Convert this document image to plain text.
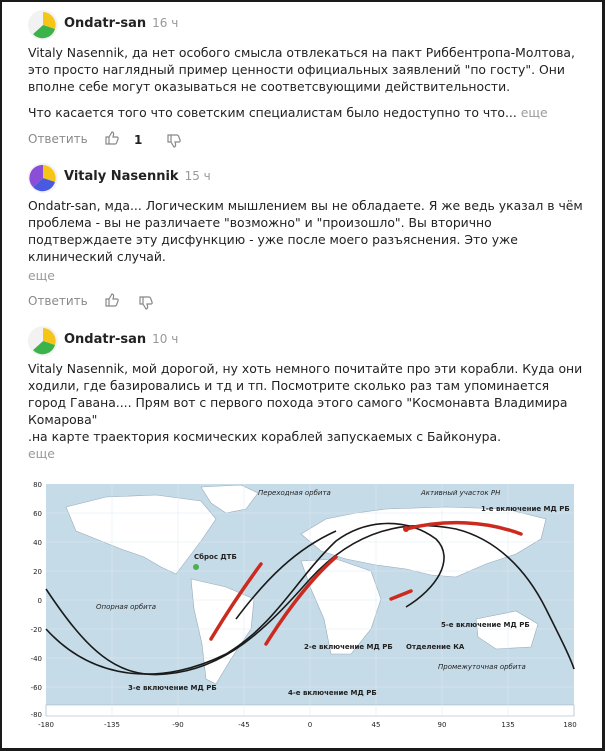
Ondatr-san 16 ч

Vitaly Nasennik, да нет особого смысла отвлекаться на пакт Риббентропа-Молтова, это просто наглядный пример ценности официальных заявлений "по госту". Они вполне себе могут оказываться не соответсвующими действительности.

Что касается того что советским специалистам было недоступно то что... еще

Ответить	1
Vitaly Nasennik 15 ч

Ondatr-san, мда... Логическим мышлением вы не обладаете. Я же ведь указал в чём проблема - вы не различаете "возможно" и "произошло". Вы вторично подтверждаете эту дисфункцию - уже после моего разъяснения. Это уже клинический случай.

еще

Ответить
Ondatr-san 10 ч

Vitaly Nasennik, мой дорогой, ну хоть немного почитайте про эти корабли. Куда они ходили, где базировались и тд и тп. Посмотрите сколько раз там упоминается город Гавана.... Прям вот с первого похода этого самого "Космонавта Владимира Комарова"

.на карте траектория космических кораблей запускаемых с Байконура.

еще

Переходная орбита	Активный участок РН
1-е включение МД РБ
Сброс ДТБ
Опорная орбита
5-е включение МД РБ
2-е включение МД РБ Отделение КА
Промежуточная орбита
3-е включение МД РБ
4-е включение МД РБ
-180	-135	-90	-45	0	45	90	135	180
80
60
40
20
0
-20
-40
-60
-80
